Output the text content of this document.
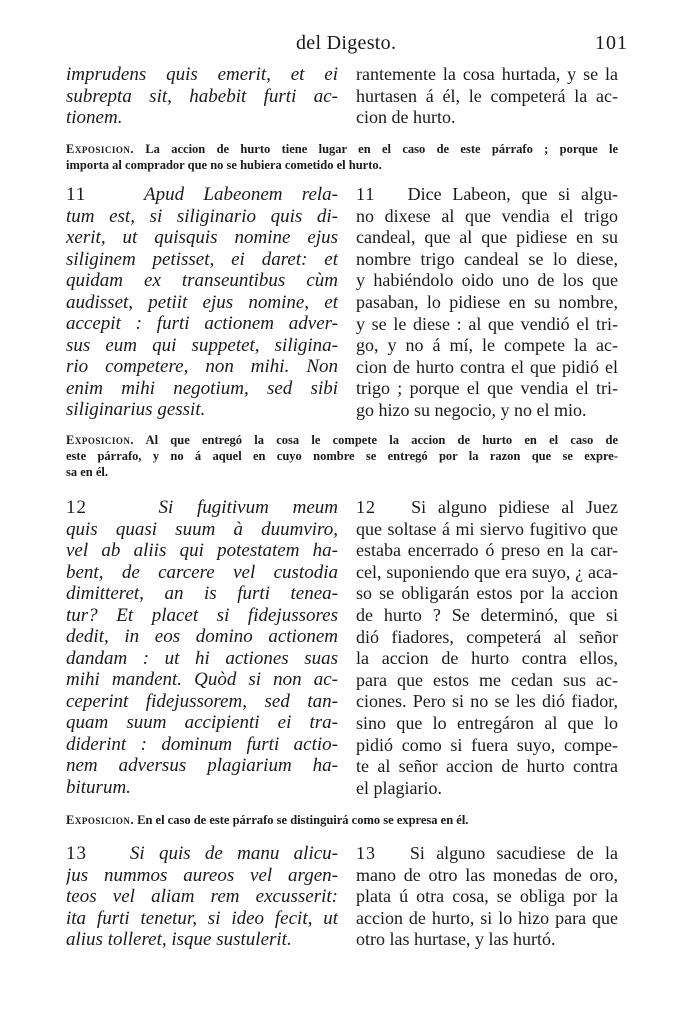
del Digesto.	101
imprudens quis emerit, et ei
subrepta sit, habebit furti ac-
tionem.
rantemente la cosa hurtada, y se la
hurtasen á él, le competerá la ac-
cion de hurto.
Exposicion. La accion de hurto tiene lugar en el caso de este párrafo ; porque le
importa al comprador que no se hubiera cometido el hurto.
11	Apud Labeonem rela-
tum est, si siliginario quis di-
xerit, ut quisquis nomine ejus
siliginem petisset, ei daret: et
quidam ex transeuntibus cùm
audisset, petiit ejus nomine, et
accepit : furti actionem adver-
sus eum qui suppetet, siligina-
rio competere, non mihi. Non
enim mihi negotium, sed sibi
siliginarius gessit.
11 Dice Labeon, que si algu-
no dixese al que vendia el trigo
candeal, que al que pidiese en su
nombre trigo candeal se lo diese,
y habiéndolo oido uno de los que
pasaban, lo pidiese en su nombre,
y se le diese : al que vendió el tri-
go, y no á mí, le compete la ac-
cion de hurto contra el que pidió el
trigo ; porque el que vendia el tri-
go hizo su negocio, y no el mio.
Exposicion. Al que entregó la cosa le compete la accion de hurto en el caso de
este párrafo, y no á aquel en cuyo nombre se entregó por la razon que se expre-
sa en él.
12	Si fugitivum meum
quis quasi suum à duumviro,
vel ab aliis qui potestatem ha-
bent, de carcere vel custodia
dimitteret, an is furti tenea-
tur? Et placet si fidejussores
dedit, in eos domino actionem
dandam : ut hi actiones suas
mihi mandent. Quòd si non ac-
ceperint fidejussorem, sed tan-
quam suum accipienti ei tra-
diderint : dominum furti actio-
nem adversus plagiarium ha-
biturum.
12 Si alguno pidiese al Juez
que soltase á mi siervo fugitivo que
estaba encerrado ó preso en la car-
cel, suponiendo que era suyo, ¿ aca-
so se obligarán estos por la accion
de hurto ? Se determinó, que si
dió fiadores, competerá al señor
la accion de hurto contra ellos,
para que estos me cedan sus ac-
ciones. Pero si no se les dió fiador,
sino que lo entregáron al que lo
pidió como si fuera suyo, compe-
te al señor accion de hurto contra
el plagiario.
Exposicion. En el caso de este párrafo se distinguirá como se expresa en él.
13 Si quis de manu alicu-
jus nummos aureos vel argen-
teos vel aliam rem excusserit:
ita furti tenetur, si ideo fecit, ut
alius tolleret, isque sustulerit.
13 Si alguno sacudiese de la
mano de otro las monedas de oro,
plata ú otra cosa, se obliga por la
accion de hurto, si lo hizo para que
otro las hurtase, y las hurtó.
